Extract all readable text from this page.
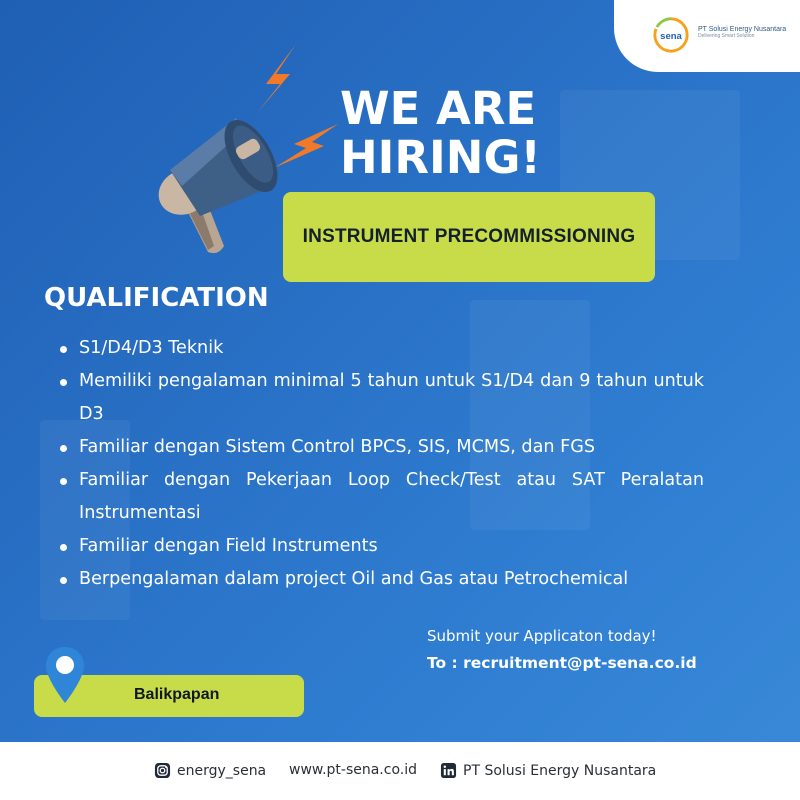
sena
PT Solusi Energy Nusantara
Delivering Smart Solution
WE ARE
HIRING!
INSTRUMENT PRECOMMISSIONING
QUALIFICATION
S1/D4/D3 Teknik
Memiliki pengalaman minimal 5 tahun untuk S1/D4 dan 9 tahun untuk D3
Familiar dengan Sistem Control BPCS, SIS, MCMS, dan FGS
Familiar dengan Pekerjaan Loop Check/Test atau SAT Peralatan Instrumentasi
Familiar dengan Field Instruments
Berpengalaman dalam project Oil and Gas atau Petrochemical
Submit your Applicaton today!
To : recruitment@pt-sena.co.id
Balikpapan
energy_sena www.pt-sena.co.id	PT Solusi Energy Nusantara
